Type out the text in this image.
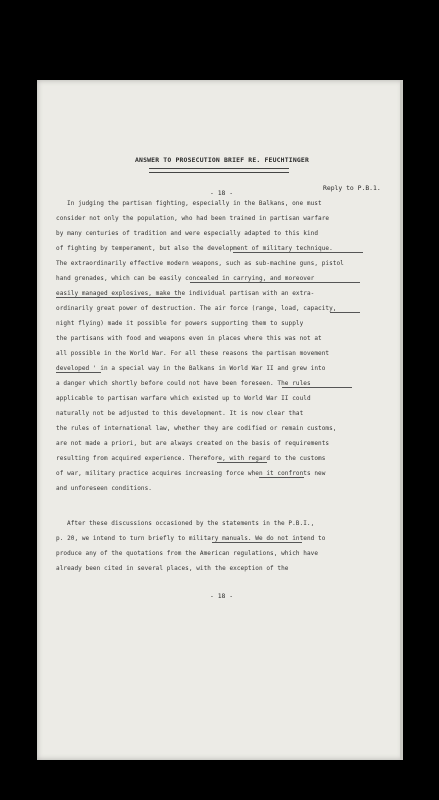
ANSWER TO PROSECUTION BRIEF RE. FEUCHTINGER
Reply to P.B.1.
- 18 -
In judging the partisan fighting, especially in the Balkans, one must
consider not only the population, who had been trained in partisan warfare
by many centuries of tradition and were especially adapted to this kind
of fighting by temperament, but also the development of military technique.
The extraordinarily effective modern weapons, such as sub-machine guns, pistol
hand grenades, which can be easily concealed in carrying, and moreover
easily managed explosives, make the individual partisan with an extra-
ordinarily great power of destruction. The air force (range, load, capacity,
night flying) made it possible for powers supporting them to supply
the partisans with food and weapons even in places where this was not at
all possible in the World War. For all these reasons the partisan movement
developed ' in a special way in the Balkans in World War II and grew into
a danger which shortly before could not have been foreseen. The rules
applicable to partisan warfare which existed up to World War II could
naturally not be adjusted to this development. It is now clear that
the rules of international law, whether they are codified or remain customs,
are not made a priori, but are always created on the basis of requirements
resulting from acquired experience. Therefore, with regard to the customs
of war, military practice acquires increasing force when it confronts new
and unforeseen conditions.
After these discussions occasioned by the statements in the P.B.I.,
p. 20, we intend to turn briefly to military manuals. We do not intend to
produce any of the quotations from the American regulations, which have
already been cited in several places, with the exception of the
- 18 -
